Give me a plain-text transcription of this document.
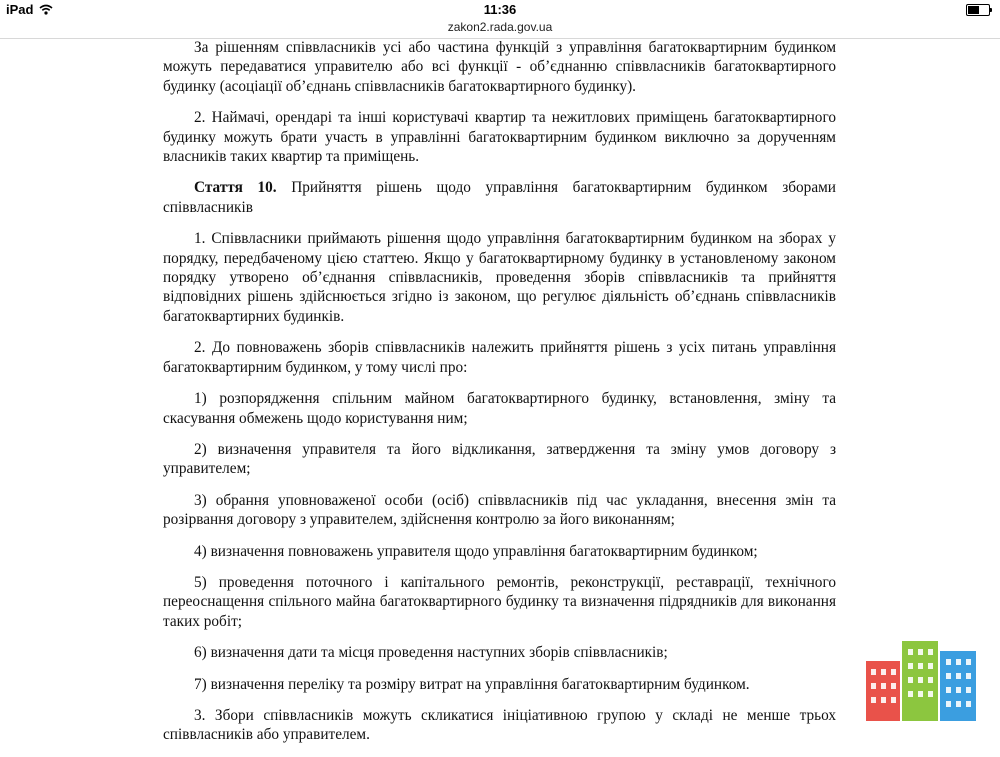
iPad	11:36
zakon2.rada.gov.ua

За рішенням співвласників усі або частина функцій з управління багатоквартирним будинком можуть передаватися управителю або всі функції - об’єднанню співвласників багатоквартирного будинку (асоціації об’єднань співвласників багатоквартирного будинку).

2. Наймачі, орендарі та інші користувачі квартир та нежитлових приміщень багатоквартирного будинку можуть брати участь в управлінні багатоквартирним будинком виключно за дорученням власників таких квартир та приміщень.

Стаття 10. Прийняття рішень щодо управління багатоквартирним будинком зборами співвласників

1. Співвласники приймають рішення щодо управління багатоквартирним будинком на зборах у порядку, передбаченому цією статтею. Якщо у багатоквартирному будинку в установленому законом порядку утворено об’єднання співвласників, проведення зборів співвласників та прийняття відповідних рішень здійснюється згідно із законом, що регулює діяльність об’єднань співвласників багатоквартирних будинків.

2. До повноважень зборів співвласників належить прийняття рішень з усіх питань управління багатоквартирним будинком, у тому числі про:

1) розпорядження спільним майном багатоквартирного будинку, встановлення, зміну та скасування обмежень щодо користування ним;

2) визначення управителя та його відкликання, затвердження та зміну умов договору з управителем;

3) обрання уповноваженої особи (осіб) співвласників під час укладання, внесення змін та розірвання договору з управителем, здійснення контролю за його виконанням;

4) визначення повноважень управителя щодо управління багатоквартирним будинком;

5) проведення поточного і капітального ремонтів, реконструкції, реставрації, технічного переоснащення спільного майна багатоквартирного будинку та визначення підрядників для виконання таких робіт;

6) визначення дати та місця проведення наступних зборів співвласників;

7) визначення переліку та розміру витрат на управління багатоквартирним будинком.

3. Збори співвласників можуть скликатися ініціативною групою у складі не менше трьох співвласників або управителем.
